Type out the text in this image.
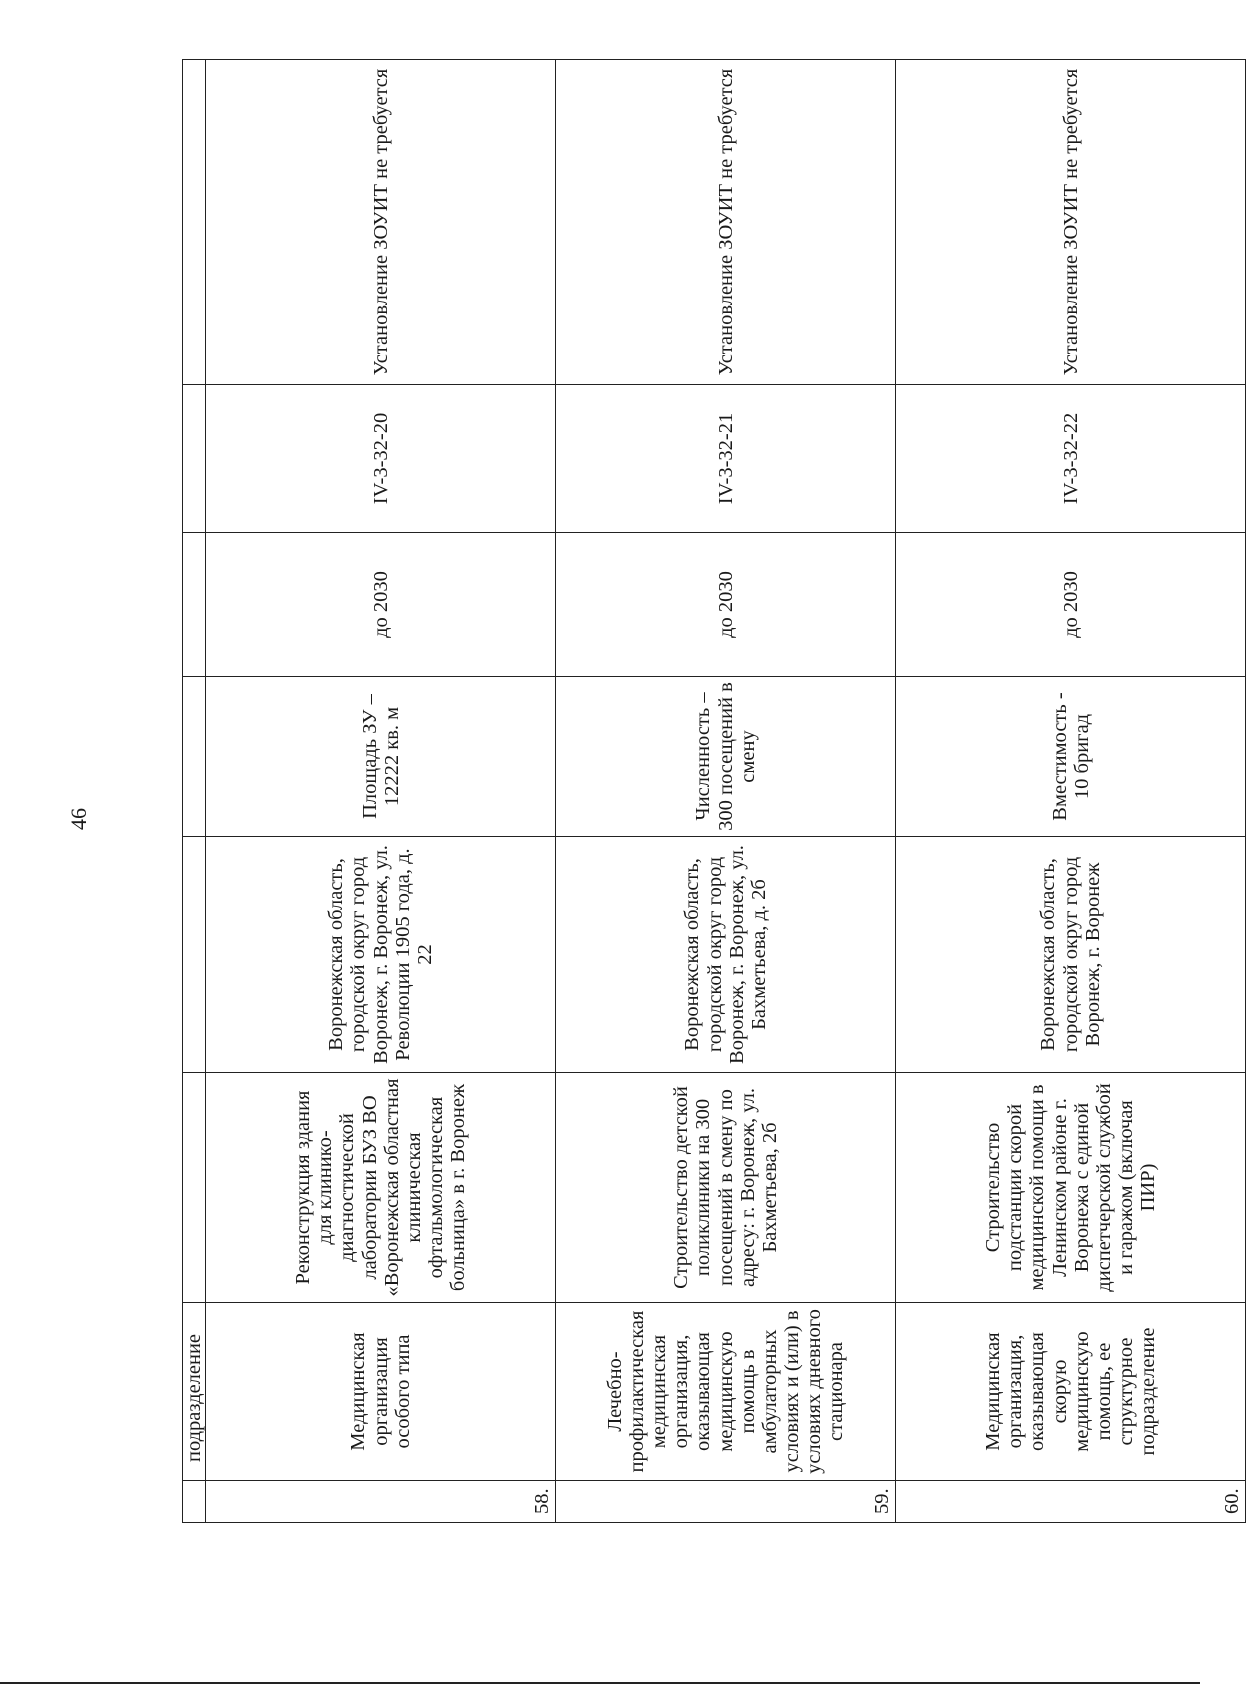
46
	подразделение						
58.	Медицинская организация особого типа	Реконструкция здания для клинико-диагностической лаборатории БУЗ ВО «Воронежская областная клиническая офтальмологическая больница» в г. Воронеж	Воронежская область, городской округ город Воронеж, г. Воронеж, ул. Революции 1905 года, д. 22	Площадь ЗУ – 12222 кв. м	до 2030	IV-3-32-20	Установление ЗОУИТ не требуется
59.	Лечебно-профилактическая медицинская организация, оказывающая медицинскую помощь в амбулаторных условиях и (или) в условиях дневного стационара	Строительство детской поликлиники на 300 посещений в смену по адресу: г. Воронеж, ул. Бахметьева, 2б	Воронежская область, городской округ город Воронеж, г. Воронеж, ул. Бахметьева, д. 2б	Численность – 300 посещений в смену	до 2030	IV-3-32-21	Установление ЗОУИТ не требуется
60.	Медицинская организация, оказывающая скорую медицинскую помощь, ее структурное подразделение	Строительство подстанции скорой медицинской помощи в Ленинском районе г. Воронежа с единой диспетчерской службой и гаражом (включая ПИР)	Воронежская область, городской округ город Воронеж, г. Воронеж	Вместимость - 10 бригад	до 2030	IV-3-32-22	Установление ЗОУИТ не требуется
